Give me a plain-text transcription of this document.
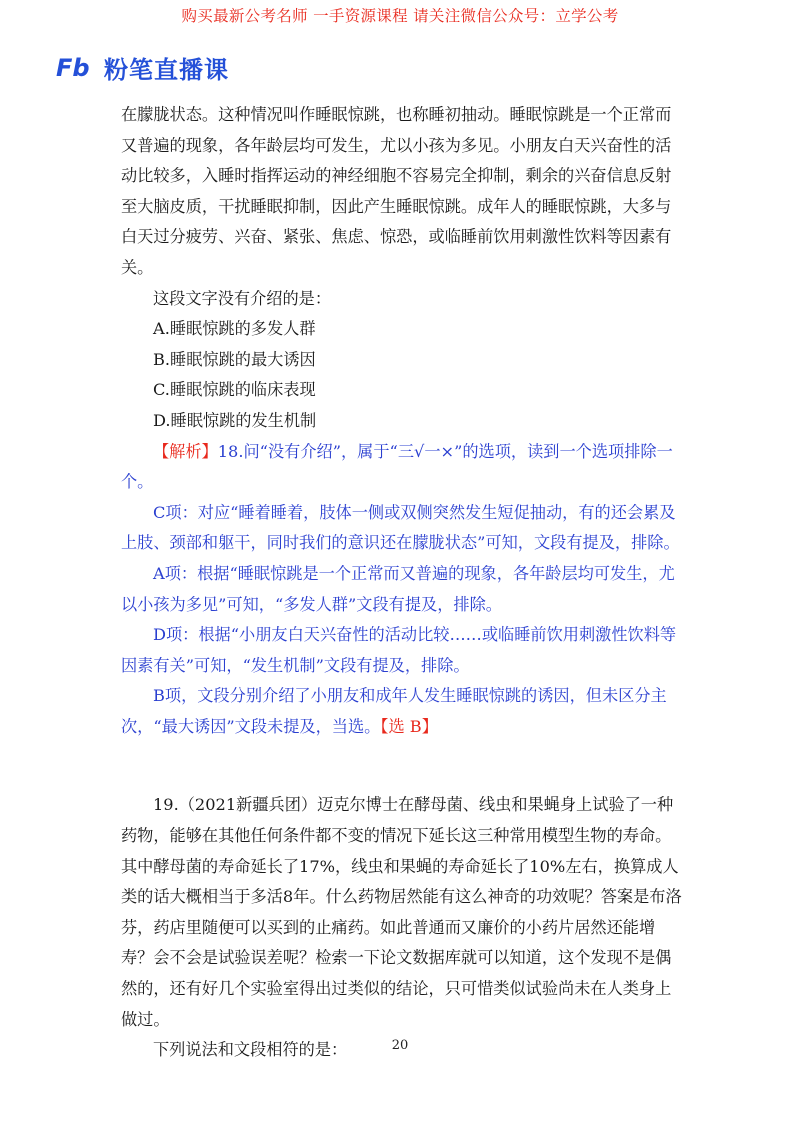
购买最新公考名师 一手资源课程 请关注微信公众号：立学公考
Fb 粉笔直播课

在朦胧状态。这种情况叫作睡眠惊跳，也称睡初抽动。睡眠惊跳是一个正常而又普遍的现象，各年龄层均可发生，尤以小孩为多见。小朋友白天兴奋性的活动比较多，入睡时指挥运动的神经细胞不容易完全抑制，剩余的兴奋信息反射至大脑皮质，干扰睡眠抑制，因此产生睡眠惊跳。成年人的睡眠惊跳，大多与白天过分疲劳、兴奋、紧张、焦虑、惊恐，或临睡前饮用刺激性饮料等因素有关。

这段文字没有介绍的是：

A.睡眠惊跳的多发人群

B.睡眠惊跳的最大诱因

C.睡眠惊跳的临床表现

D.睡眠惊跳的发生机制

【解析】18.问“没有介绍”，属于“三√一×”的选项，读到一个选项排除一个。

C项：对应“睡着睡着，肢体一侧或双侧突然发生短促抽动，有的还会累及上肢、颈部和躯干，同时我们的意识还在朦胧状态”可知，文段有提及，排除。

A项：根据“睡眠惊跳是一个正常而又普遍的现象，各年龄层均可发生，尤以小孩为多见”可知，“多发人群”文段有提及，排除。

D项：根据“小朋友白天兴奋性的活动比较……或临睡前饮用刺激性饮料等因素有关”可知，“发生机制”文段有提及，排除。

B项，文段分别介绍了小朋友和成年人发生睡眠惊跳的诱因，但未区分主次，“最大诱因”文段未提及，当选。【选 B】

19.（2021新疆兵团）迈克尔博士在酵母菌、线虫和果蝇身上试验了一种药物，能够在其他任何条件都不变的情况下延长这三种常用模型生物的寿命。其中酵母菌的寿命延长了17%，线虫和果蝇的寿命延长了10%左右，换算成人类的话大概相当于多活8年。什么药物居然能有这么神奇的功效呢？答案是布洛芬，药店里随便可以买到的止痛药。如此普通而又廉价的小药片居然还能增寿？会不会是试验误差呢？检索一下论文数据库就可以知道，这个发现不是偶然的，还有好几个实验室得出过类似的结论，只可惜类似试验尚未在人类身上做过。

下列说法和文段相符的是：	20
